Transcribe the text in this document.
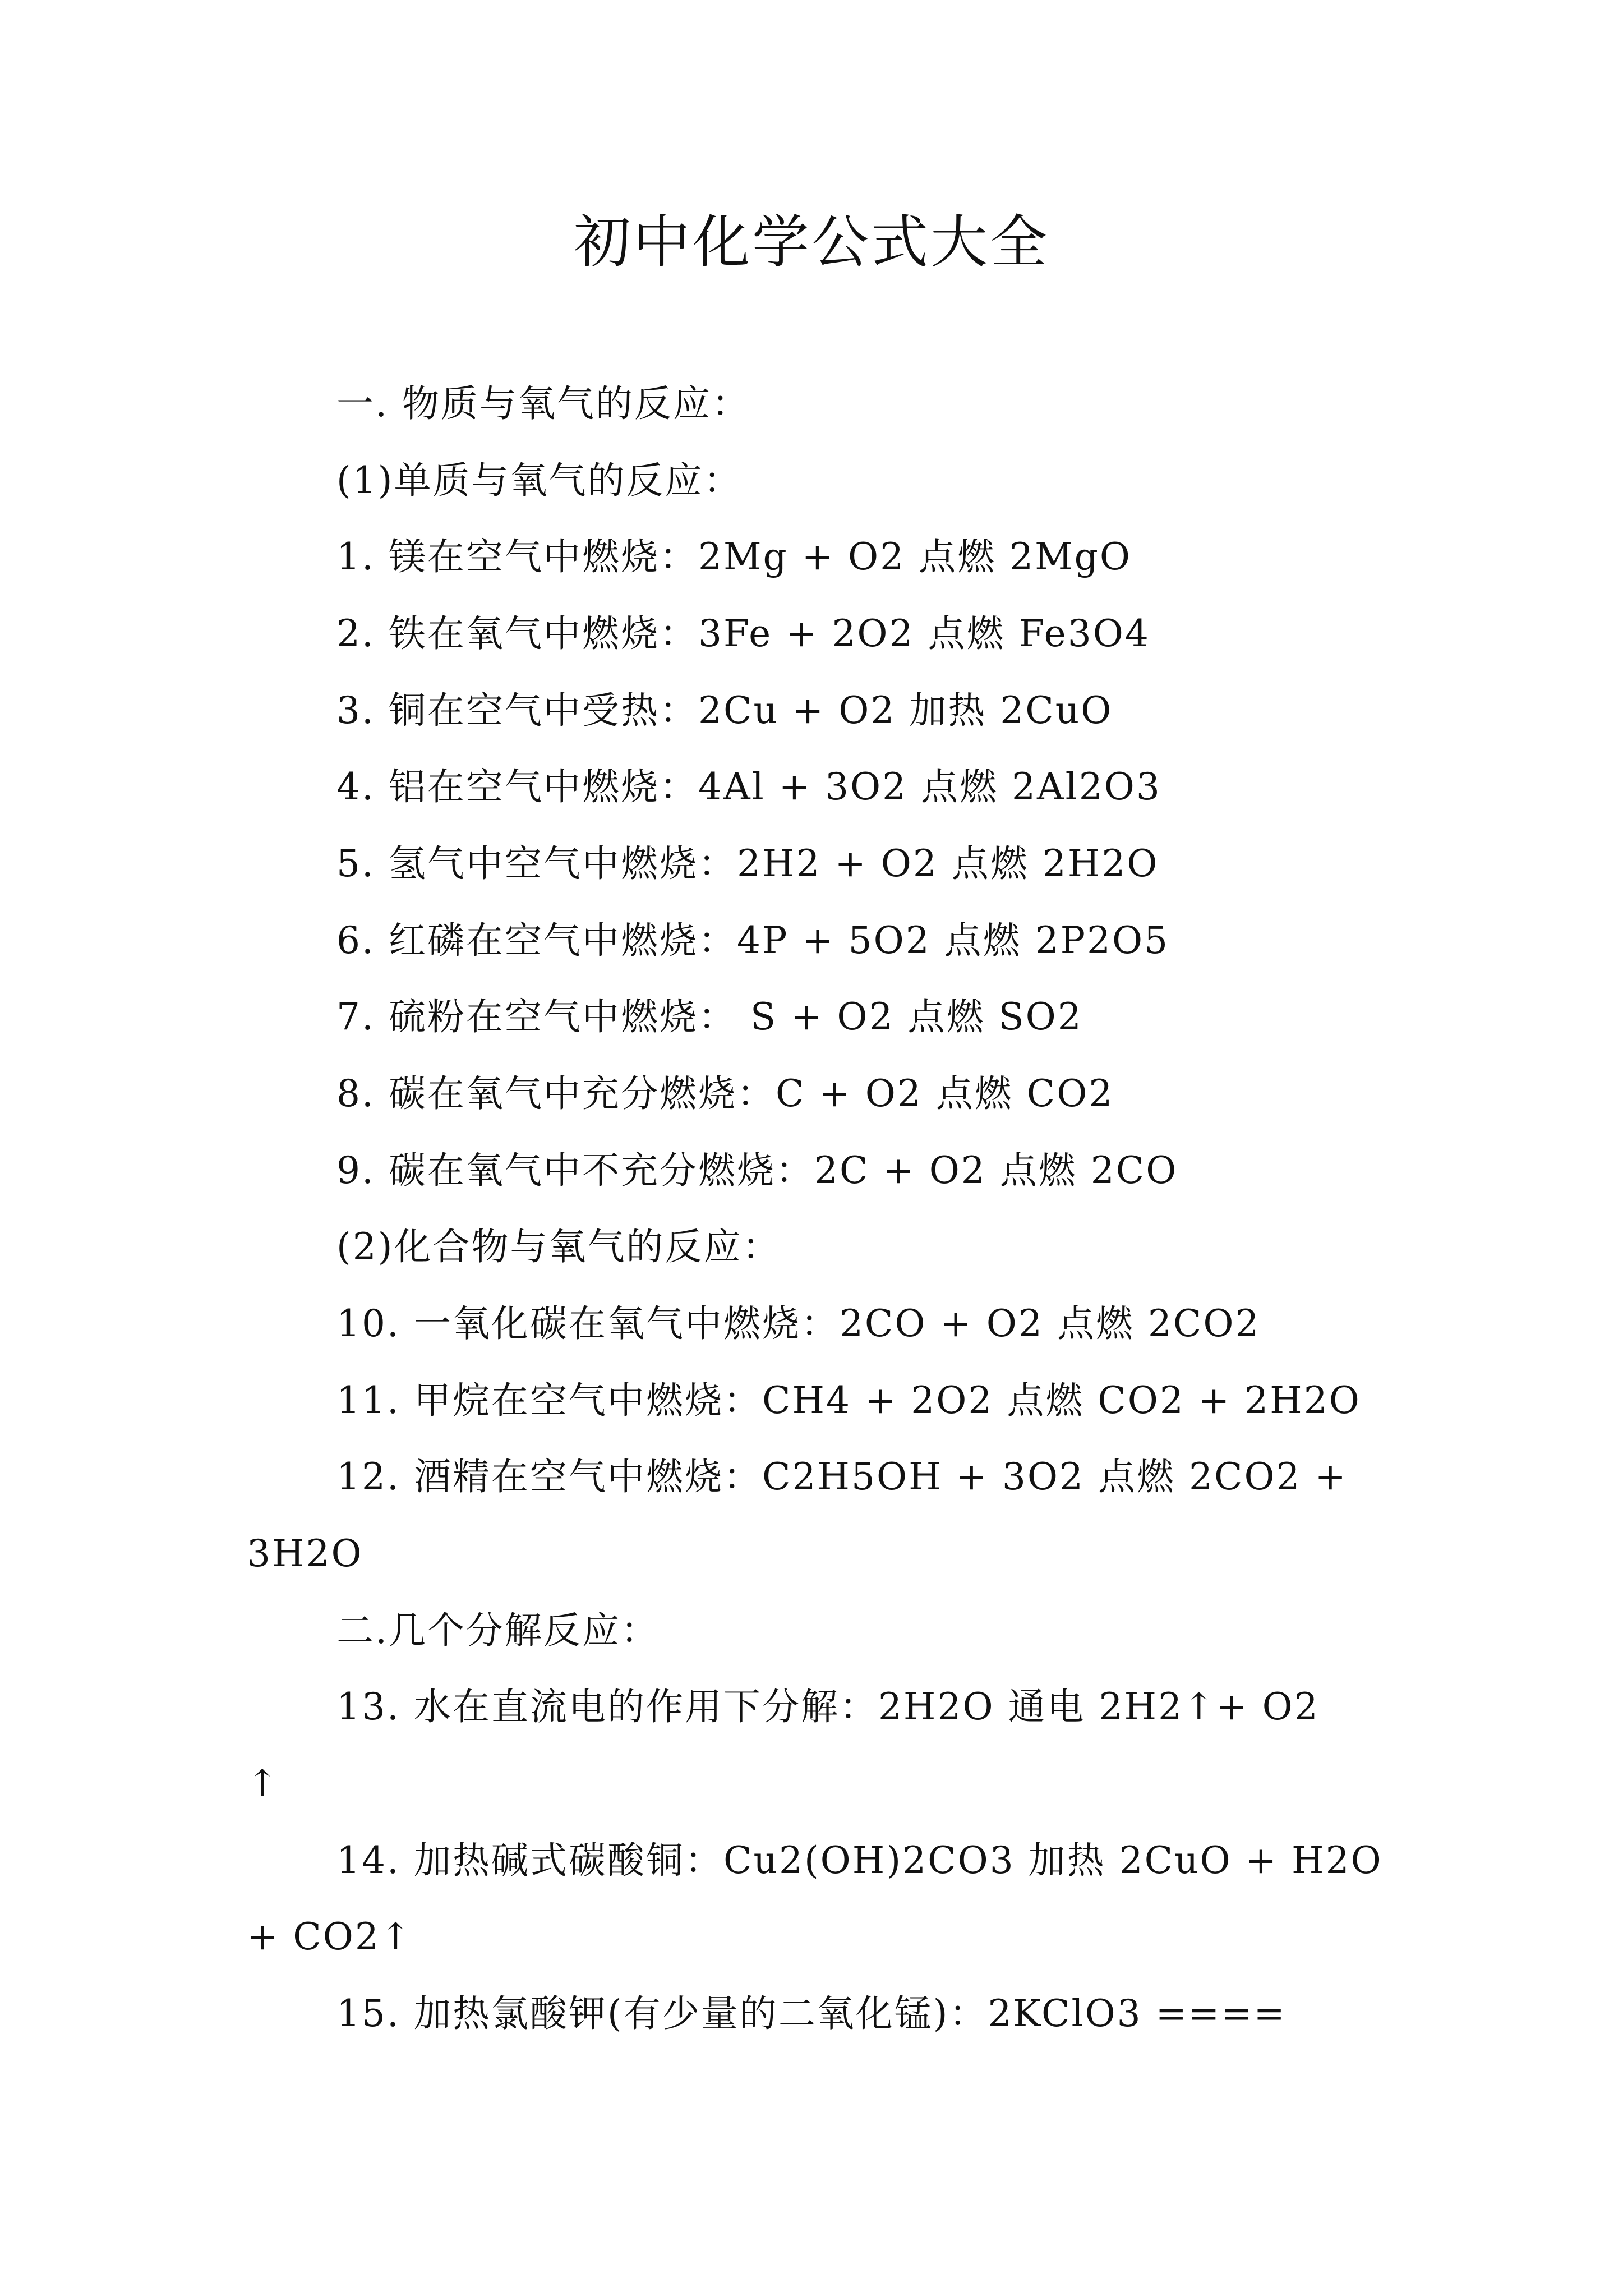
初中化学公式大全
一. 物质与氧气的反应：
(1)单质与氧气的反应：
1. 镁在空气中燃烧：2Mg + O2 点燃 2MgO
2. 铁在氧气中燃烧：3Fe + 2O2 点燃 Fe3O4
3. 铜在空气中受热：2Cu + O2 加热 2CuO
4. 铝在空气中燃烧：4Al + 3O2 点燃 2Al2O3
5. 氢气中空气中燃烧：2H2 + O2 点燃 2H2O
6. 红磷在空气中燃烧：4P + 5O2 点燃 2P2O5
7. 硫粉在空气中燃烧： S + O2 点燃 SO2
8. 碳在氧气中充分燃烧：C + O2 点燃 CO2
9. 碳在氧气中不充分燃烧：2C + O2 点燃 2CO
(2)化合物与氧气的反应：
10. 一氧化碳在氧气中燃烧：2CO + O2 点燃 2CO2
11. 甲烷在空气中燃烧：CH4 + 2O2 点燃 CO2 + 2H2O
12. 酒精在空气中燃烧：C2H5OH + 3O2 点燃 2CO2 +
3H2O
二.几个分解反应：
13. 水在直流电的作用下分解：2H2O 通电 2H2↑+ O2
↑
14. 加热碱式碳酸铜：Cu2(OH)2CO3 加热 2CuO + H2O
+ CO2↑
15. 加热氯酸钾(有少量的二氧化锰)：2KClO3 ====
